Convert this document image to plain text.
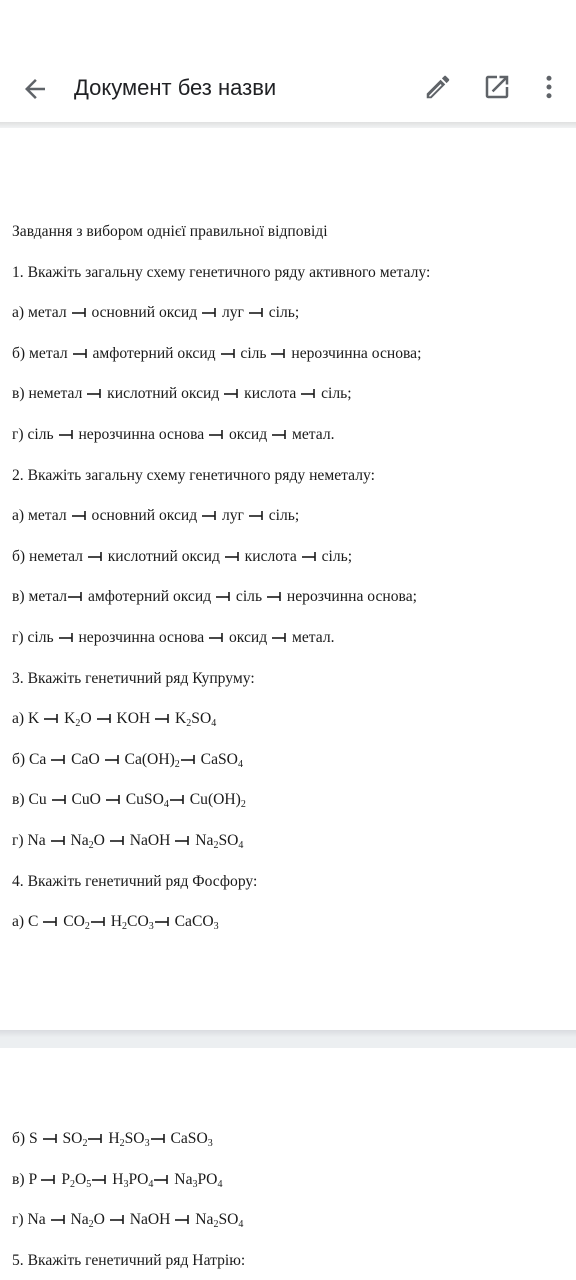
Документ без назви
Завдання з вибором однієї правильної відповіді
1. Вкажіть загальну схему генетичного ряду активного металу:
а) метал  основний оксид  луг  сіль;
б) метал  амфотерний оксид  сіль  нерозчинна основа;
в) неметал  кислотний оксид  кислота  сіль;
г) сіль  нерозчинна основа  оксид  метал.
2. Вкажіть загальну схему генетичного ряду неметалу:
а) метал  основний оксид  луг  сіль;
б) неметал  кислотний оксид  кислота  сіль;
в) метал амфотерний оксид  сіль  нерозчинна основа;
г) сіль  нерозчинна основа  оксид  метал.
3. Вкажіть генетичний ряд Купруму:
а) K  $K_2O$  KOH  $K_2SO_4$
б) Ca  CaO  $Ca(OH)_2$ CaSO$_4$
в) Cu  CuO  CuSO$_4$ $Cu(OH)_2$
г) Na  $Na_2O$  NaOH  $Na_2SO_4$
4. Вкажіть генетичний ряд Фосфору:
а) C  $CO_2$ $H_2CO_3$ CaCO$_3$
б) S  $SO_2$ $H_2SO_3$ CaSO$_3$
в) P  $P_2O_5$ $H_3PO_4$ $Na_3PO_4$
г) Na  $Na_2O$  NaOH  $Na_2SO_4$
5. Вкажіть генетичний ряд Натрію:
